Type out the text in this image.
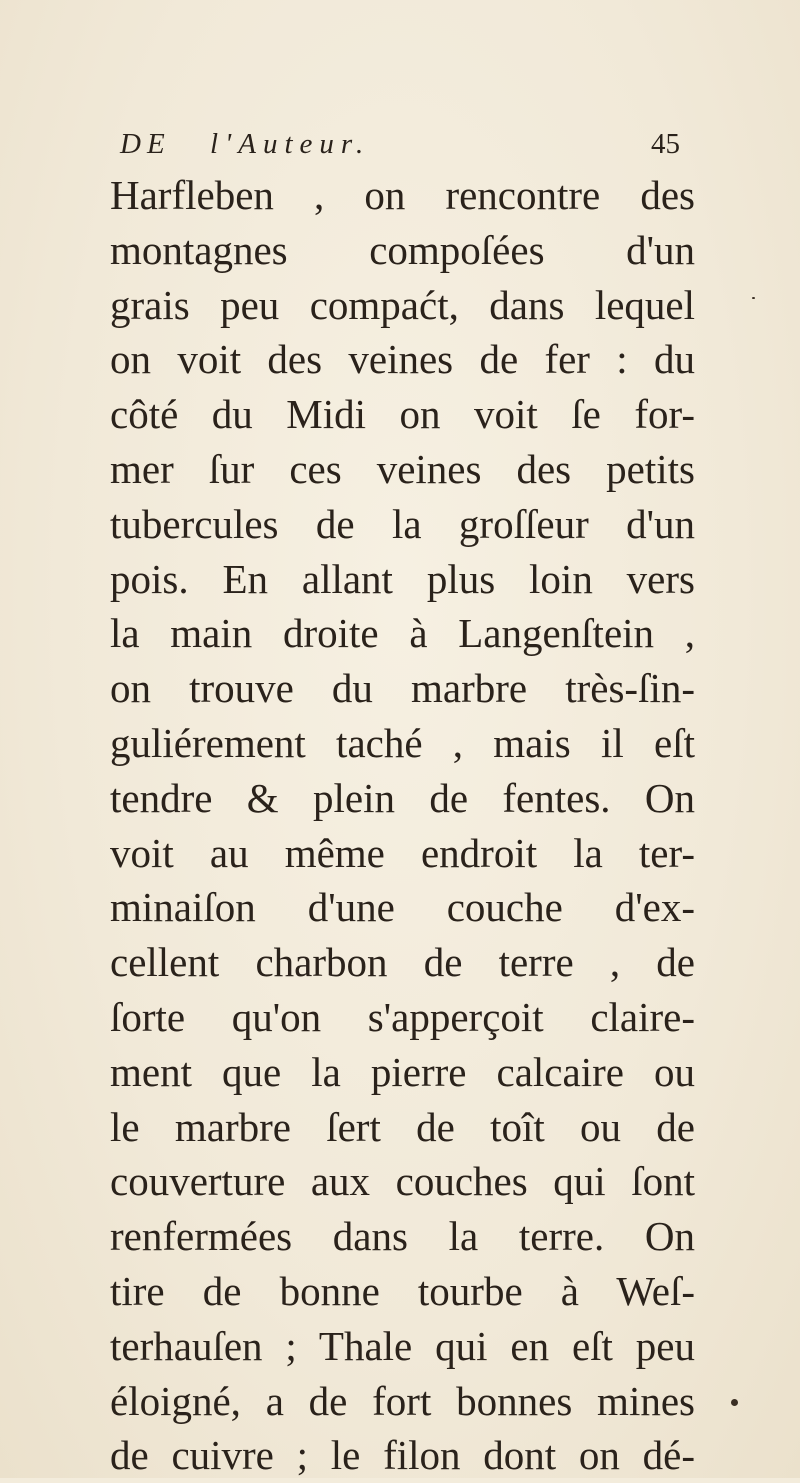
DE l'Auteur.	45
Harfleben , on rencontre des
montagnes compoſées d'un
grais peu compaćt, dans lequel
on voit des veines de fer : du
côté du Midi on voit ſe for-
mer ſur ces veines des petits
tubercules de la groſſeur d'un
pois. En allant plus loin vers
la main droite à Langenſtein ,
on trouve du marbre très-ſin-
guliérement taché , mais il eſt
tendre & plein de fentes. On
voit au même endroit la ter-
minaiſon d'une couche d'ex-
cellent charbon de terre , de
ſorte qu'on s'apperçoit claire-
ment que la pierre calcaire ou
le marbre ſert de toît ou de
couverture aux couches qui ſont
renfermées dans la terre. On
tire de bonne tourbe à Weſ-
terhauſen ; Thale qui en eſt peu
éloigné, a de fort bonnes mines
de cuivre ; le filon dont on dé-
